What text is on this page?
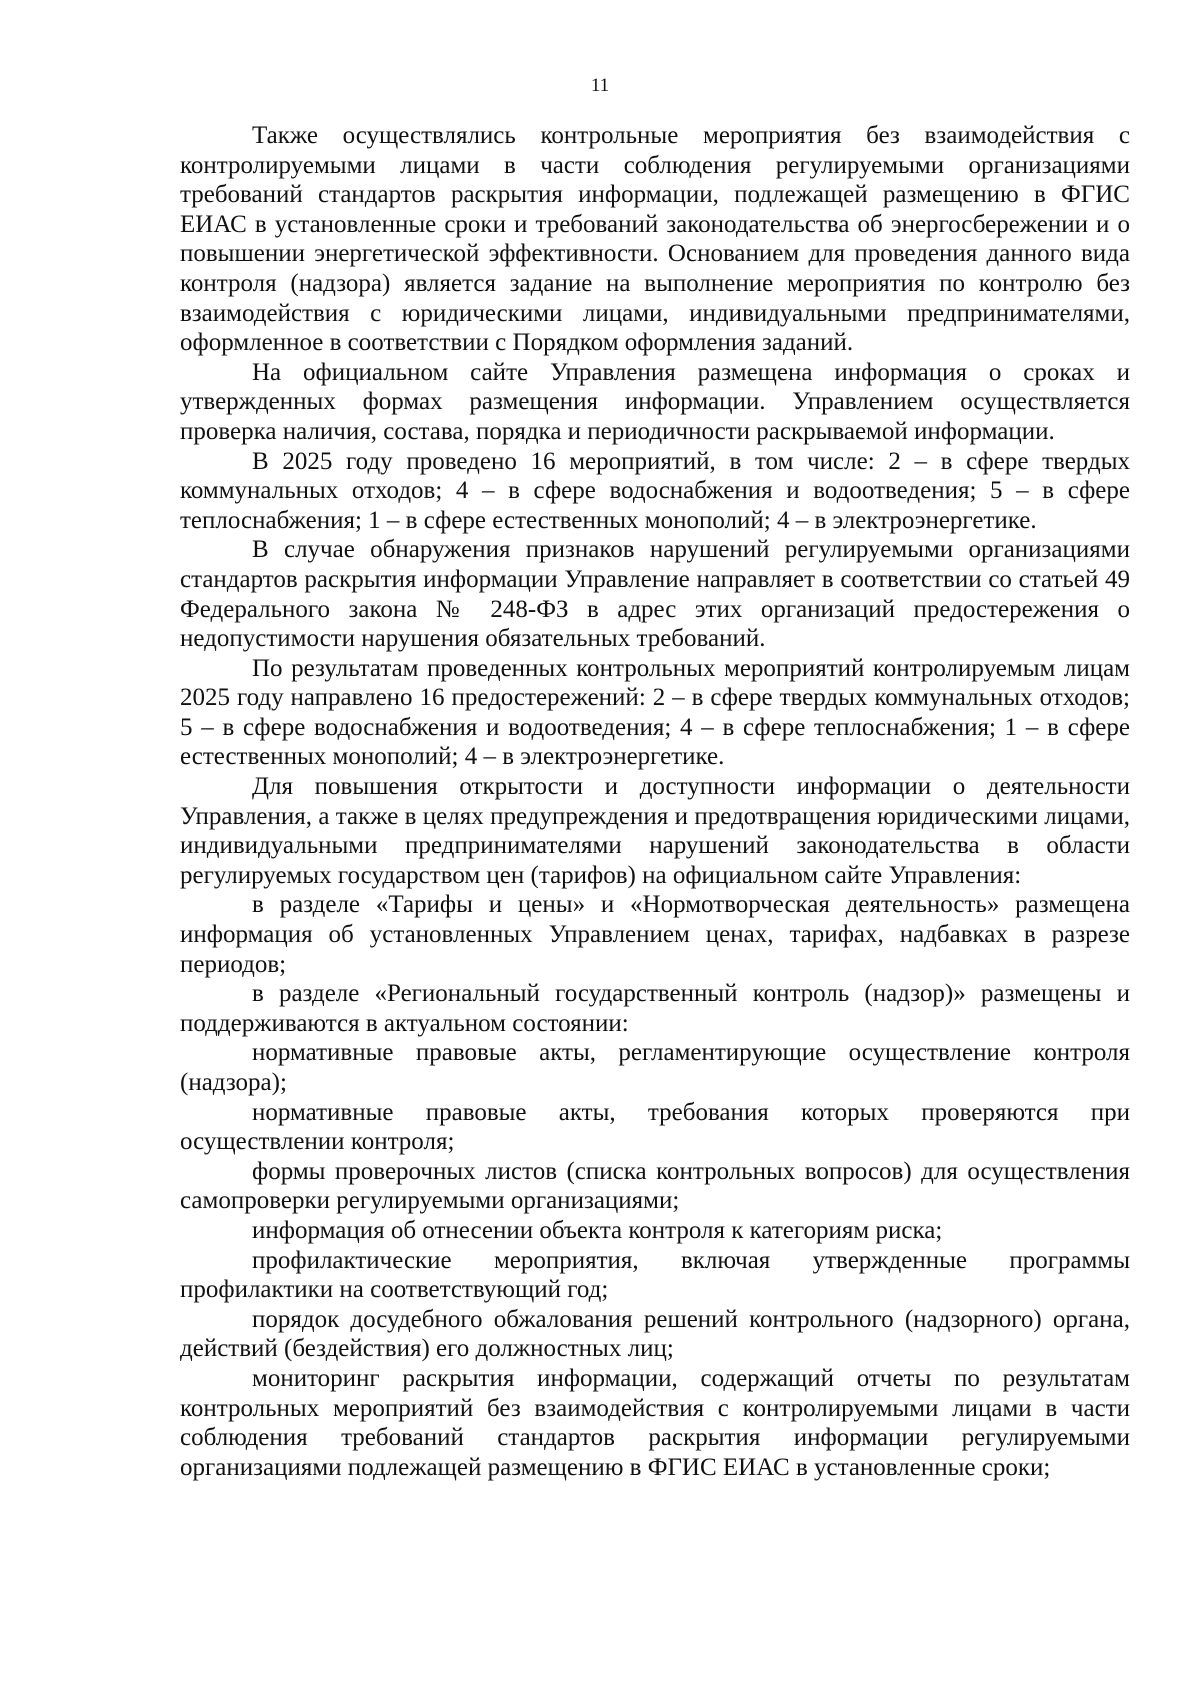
11

Также осуществлялись контрольные мероприятия без взаимодействия с контролируемыми лицами в части соблюдения регулируемыми организациями требований стандартов раскрытия информации, подлежащей размещению в ФГИС ЕИАС в установленные сроки и требований законодательства об энергосбережении и о повышении энергетической эффективности. Основанием для проведения данного вида контроля (надзора) является задание на выполнение мероприятия по контролю без взаимодействия с юридическими лицами, индивидуальными предпринимателями, оформленное в соответствии с Порядком оформления заданий.

На официальном сайте Управления размещена информация о сроках и утвержденных формах размещения информации. Управлением осуществляется проверка наличия, состава, порядка и периодичности раскрываемой информации.

В 2025 году проведено 16 мероприятий, в том числе: 2 – в сфере твердых коммунальных отходов; 4 – в сфере водоснабжения и водоотведения; 5 – в сфере теплоснабжения; 1 – в сфере естественных монополий; 4 – в электроэнергетике.

В случае обнаружения признаков нарушений регулируемыми организациями стандартов раскрытия информации Управление направляет в соответствии со статьей 49 Федерального закона № 248-ФЗ в адрес этих организаций предостережения о недопустимости нарушения обязательных требований.

По результатам проведенных контрольных мероприятий контролируемым лицам 2025 году направлено 16 предостережений: 2 – в сфере твердых коммунальных отходов; 5 – в сфере водоснабжения и водоотведения; 4 – в сфере теплоснабжения; 1 – в сфере естественных монополий; 4 – в электроэнергетике.

Для повышения открытости и доступности информации о деятельности Управления, а также в целях предупреждения и предотвращения юридическими лицами, индивидуальными предпринимателями нарушений законодательства в области регулируемых государством цен (тарифов) на официальном сайте Управления:

в разделе «Тарифы и цены» и «Нормотворческая деятельность» размещена информация об установленных Управлением ценах, тарифах, надбавках в разрезе периодов;

в разделе «Региональный государственный контроль (надзор)» размещены и поддерживаются в актуальном состоянии:

нормативные правовые акты, регламентирующие осуществление контроля (надзора);

нормативные правовые акты, требования которых проверяются при осуществлении контроля;

формы проверочных листов (списка контрольных вопросов) для осуществления самопроверки регулируемыми организациями;

информация об отнесении объекта контроля к категориям риска;

профилактические мероприятия, включая утвержденные программы профилактики на соответствующий год;

порядок досудебного обжалования решений контрольного (надзорного) органа, действий (бездействия) его должностных лиц;

мониторинг раскрытия информации, содержащий отчеты по результатам контрольных мероприятий без взаимодействия с контролируемыми лицами в части соблюдения требований стандартов раскрытия информации регулируемыми организациями подлежащей размещению в ФГИС ЕИАС в установленные сроки;
